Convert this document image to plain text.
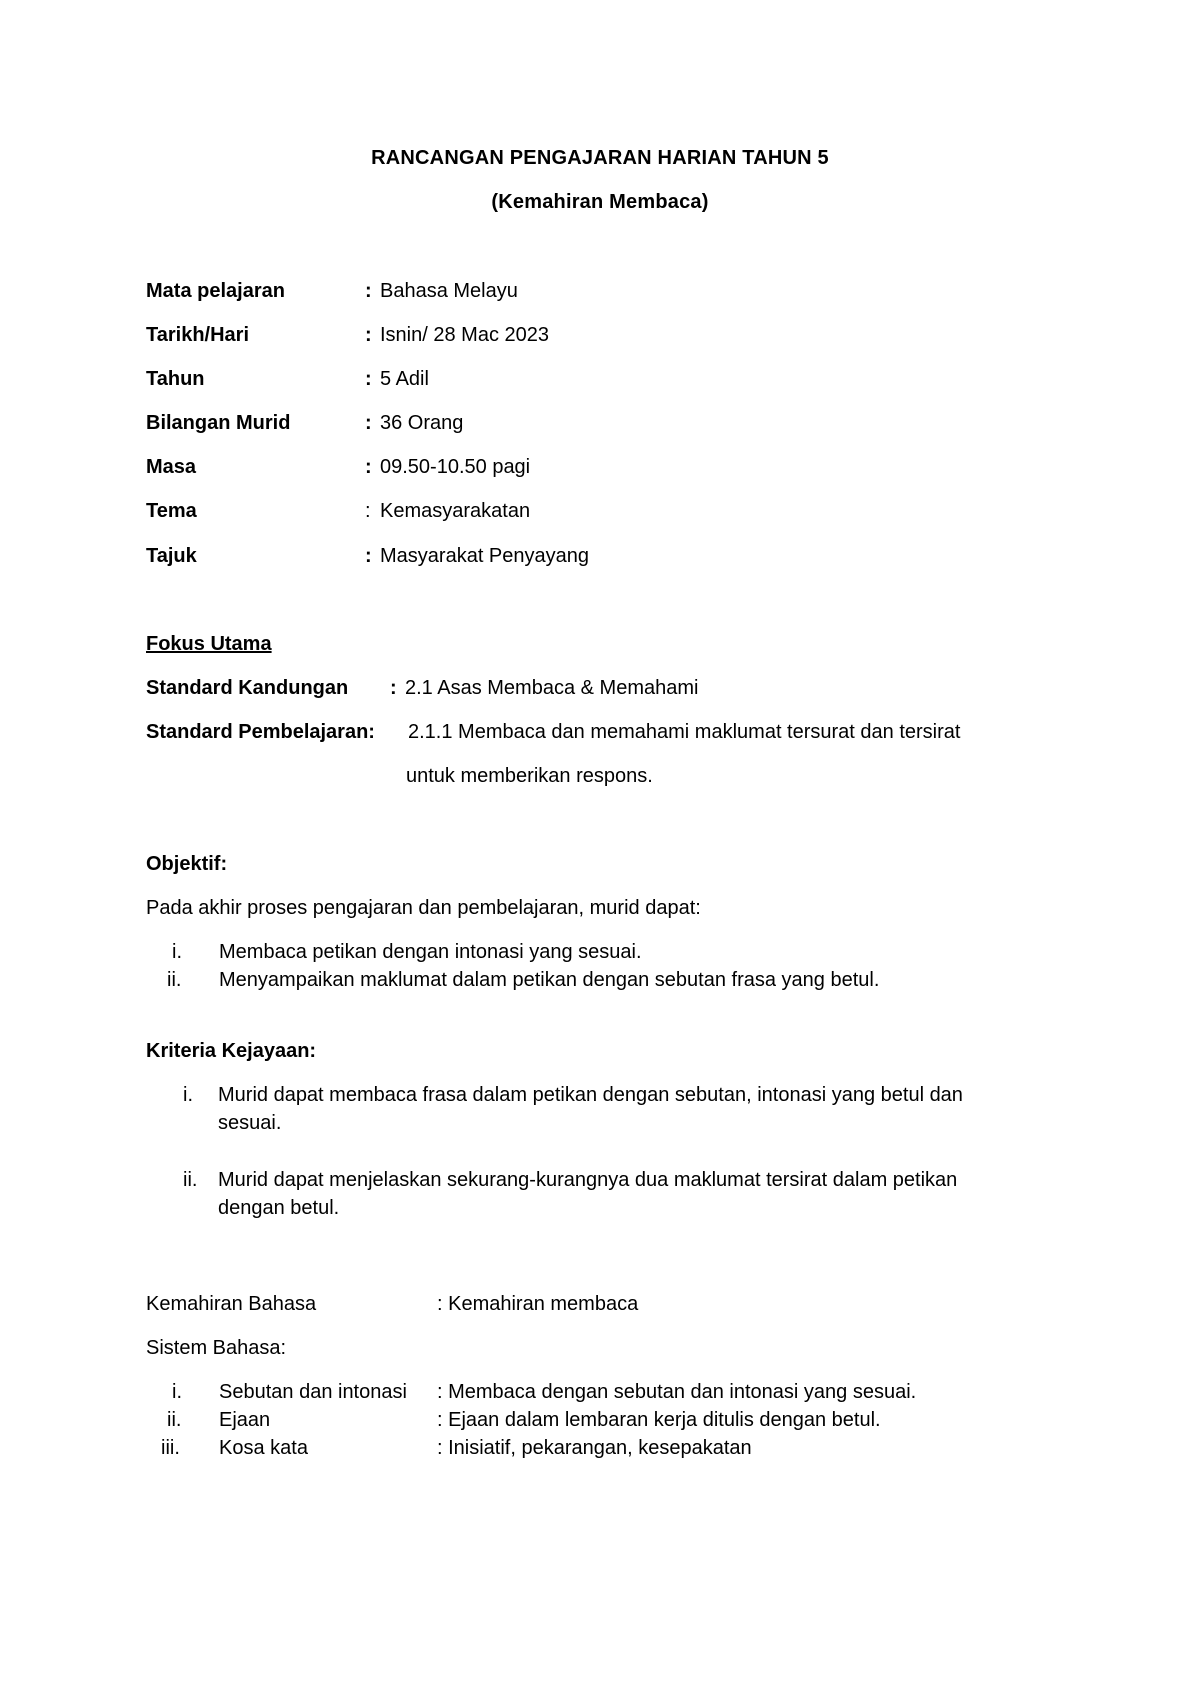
RANCANGAN PENGAJARAN HARIAN TAHUN 5
(Kemahiran Membaca)
Mata pelajaran	: Bahasa Melayu
Tarikh/Hari	: Isnin/ 28 Mac 2023
Tahun	: 5 Adil
Bilangan Murid	: 36 Orang
Masa	: 09.50-10.50 pagi
Tema	: Kemasyarakatan
Tajuk	: Masyarakat Penyayang
Fokus Utama
Standard Kandungan : 2.1 Asas Membaca & Memahami
Standard Pembelajaran: 2.1.1 Membaca dan memahami maklumat tersurat dan tersirat
untuk memberikan respons.
Objektif:
Pada akhir proses pengajaran dan pembelajaran, murid dapat:
i. Membaca petikan dengan intonasi yang sesuai.
ii. Menyampaikan maklumat dalam petikan dengan sebutan frasa yang betul.
Kriteria Kejayaan:
i. Murid dapat membaca frasa dalam petikan dengan sebutan, intonasi yang betul dan
sesuai.
ii. Murid dapat menjelaskan sekurang-kurangnya dua maklumat tersirat dalam petikan
dengan betul.
Kemahiran Bahasa	: Kemahiran membaca
Sistem Bahasa:
i. Sebutan dan intonasi : Membaca dengan sebutan dan intonasi yang sesuai.
ii. Ejaan	: Ejaan dalam lembaran kerja ditulis dengan betul.
iii. Kosa kata	: Inisiatif, pekarangan, kesepakatan
